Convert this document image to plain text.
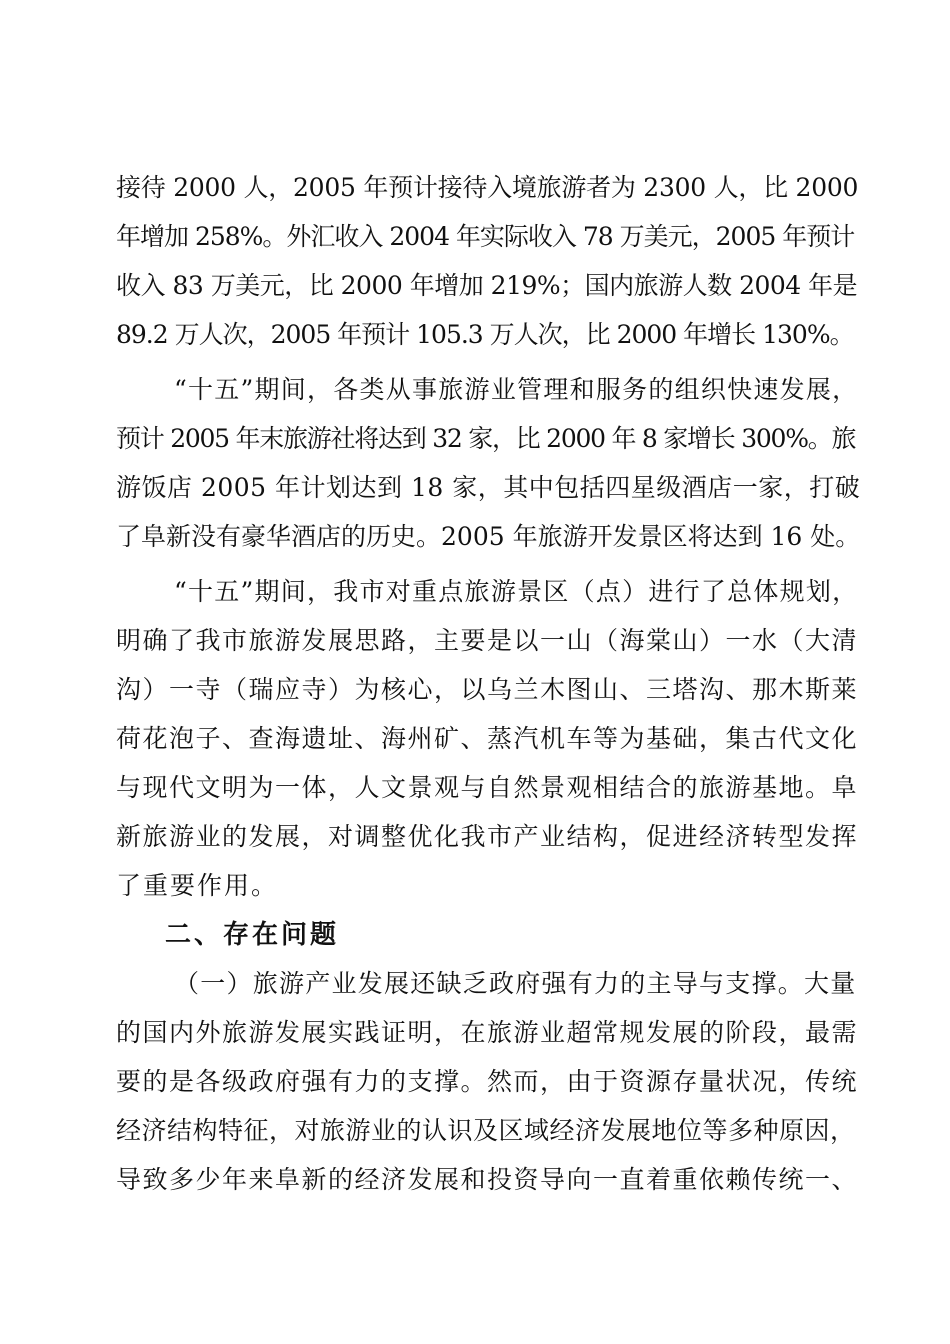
接待 2000 人，2005 年预计接待入境旅游者为 2300 人，比 2000
年增加 258%。外汇收入 2004 年实际收入 78 万美元，2005 年预计
收入 83 万美元，比 2000 年增加 219%；国内旅游人数 2004 年是
89.2 万人次，2005 年预计 105.3 万人次，比 2000 年增长 130%。
“十五”期间，各类从事旅游业管理和服务的组织快速发展，
预计 2005 年末旅游社将达到 32 家，比 2000 年 8 家增长 300%。旅
游饭店 2005 年计划达到 18 家，其中包括四星级酒店一家，打破
了阜新没有豪华酒店的历史。2005 年旅游开发景区将达到 16 处。
“十五”期间，我市对重点旅游景区（点）进行了总体规划，
明确了我市旅游发展思路，主要是以一山（海棠山）一水（大清
沟）一寺（瑞应寺）为核心，以乌兰木图山、三塔沟、那木斯莱
荷花泡子、查海遗址、海州矿、蒸汽机车等为基础，集古代文化
与现代文明为一体，人文景观与自然景观相结合的旅游基地。阜
新旅游业的发展，对调整优化我市产业结构，促进经济转型发挥
了重要作用。
二、存在问题
（一）旅游产业发展还缺乏政府强有力的主导与支撑。大量
的国内外旅游发展实践证明，在旅游业超常规发展的阶段，最需
要的是各级政府强有力的支撑。然而，由于资源存量状况，传统
经济结构特征，对旅游业的认识及区域经济发展地位等多种原因，
导致多少年来阜新的经济发展和投资导向一直着重依赖传统一、
